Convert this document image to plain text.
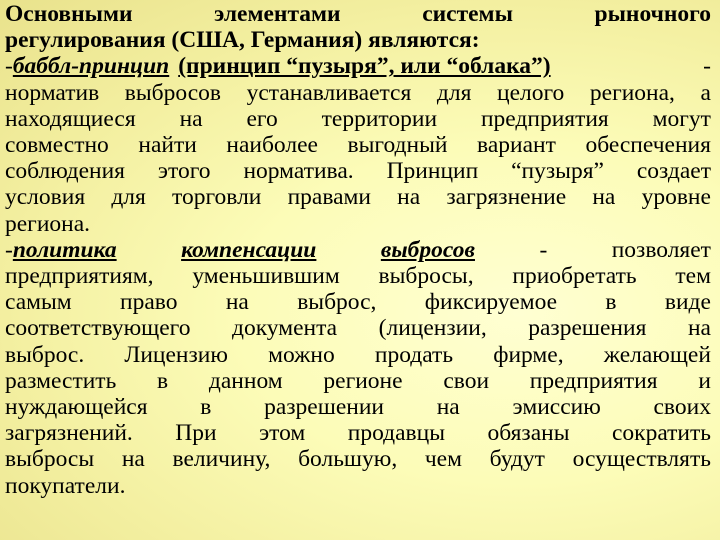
Основными	элементами	системы	рыночного
регулирования (США, Германия) являются:
-баббл-принцип (принцип “пузыря”, или “облака”)	-
норматив выбросов устанавливается для целого региона, а
находящиеся на его территории предприятия могут
совместно найти наиболее выгодный вариант обеспечения
соблюдения этого норматива. Принцип “пузыря” создает
условия для торговли правами на загрязнение на уровне
региона.
-политика	компенсации	выбросов	-	позволяет
предприятиям, уменьшившим выбросы, приобретать тем
самым право на выброс, фиксируемое в виде
соответствующего документа (лицензии, разрешения на
выброс. Лицензию можно продать фирме, желающей
разместить в данном регионе свои предприятия и
нуждающейся в разрешении на эмиссию своих
загрязнений. При этом продавцы обязаны сократить
выбросы на величину, большую, чем будут осуществлять
покупатели.
